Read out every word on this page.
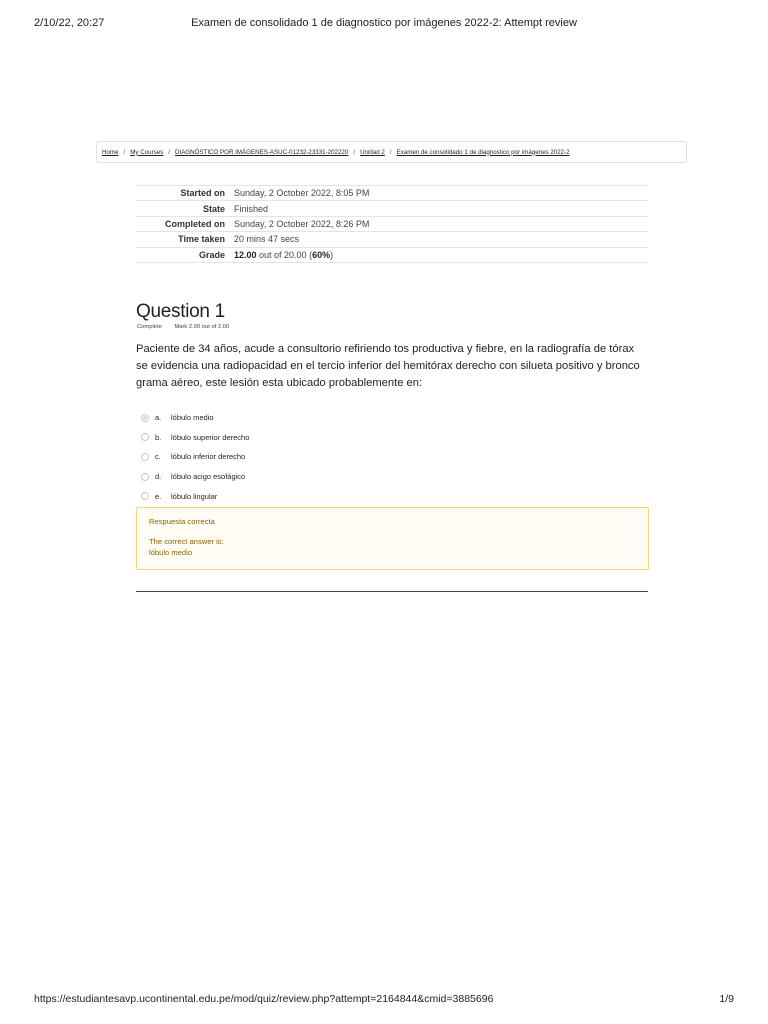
2/10/22, 20:27	Examen de consolidado 1 de diagnostico por imágenes 2022-2: Attempt review
Home / My Courses / DIAGNÓSTICO POR IMÁGENES-ASUC-01232-23331-202220 / Unidad 2 / Examen de consolidado 1 de diagnostico por imágenes 2022-2
Started on	Sunday, 2 October 2022, 8:05 PM
State	Finished
Completed on	Sunday, 2 October 2022, 8:26 PM
Time taken	20 mins 47 secs
Grade	12.00 out of 20.00 (60%)
Question 1
Complete Mark 2.00 out of 2.00
Paciente de 34 años, acude a consultorio refiriendo tos productiva y fiebre, en la radiografía de tórax se evidencia una radiopacidad en el tercio inferior del hemitórax derecho con silueta positivo y bronco grama aéreo, este lesión esta ubicado probablemente en:
a.	lóbulo medio
b.	lóbulo superior derecho
c.	lóbulo inferior derecho
d.	lóbulo acigo esofágico
e.	lóbulo lingular
Respuesta correcta
The correct answer is:
lóbulo medio
https://estudiantesavp.ucontinental.edu.pe/mod/quiz/review.php?attempt=2164844&cmid=3885696	1/9
